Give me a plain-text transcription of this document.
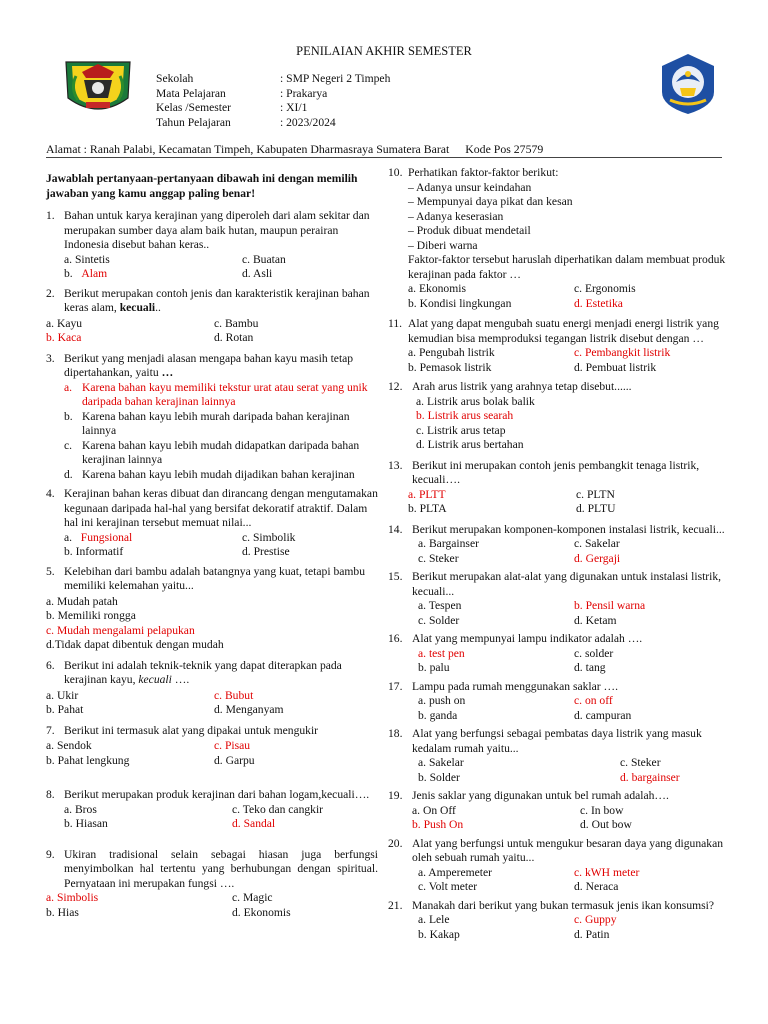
PENILAIAN AKHIR SEMESTER
Sekolah	: SMP Negeri 2 Timpeh
Mata Pelajaran	: Prakarya
Kelas /Semester	: XI/1
Tahun Pelajaran	: 2023/2024
Alamat : Ranah Palabi, Kecamatan Timpeh, Kabupaten Dharmasraya Sumatera Barat Kode Pos 27579
Jawablah pertanyaan-pertanyaan dibawah ini dengan memilih jawaban yang kamu anggap paling benar!
1. Bahan untuk karya kerajinan yang diperoleh dari alam sekitar dan merupakan sumber daya alam baik hutan, maupun perairan Indonesia disebut bahan keras..
a. Sintetis	c. Buatan
b. Alam	d. Asli
2. Berikut merupakan contoh jenis dan karakteristik kerajinan bahan keras alam, kecuali..
a. Kayu	c. Bambu
b. Kaca	d. Rotan
3. Berikut yang menjadi alasan mengapa bahan kayu masih tetap dipertahankan, yaitu …
a. Karena bahan kayu memiliki tekstur urat atau serat yang unik daripada bahan kerajinan lainnya
b. Karena bahan kayu lebih murah daripada bahan kerajinan lainnya
c. Karena bahan kayu lebih mudah didapatkan daripada bahan kerajinan lainnya
d. Karena bahan kayu lebih mudah dijadikan bahan kerajinan
4. Kerajinan bahan keras dibuat dan dirancang dengan mengutamakan kegunaan daripada hal-hal yang bersifat dekoratif atraktif. Dalam hal ini kerajinan tersebut memuat nilai...
a. Fungsional	c. Simbolik
b. Informatif	d. Prestise
5. Kelebihan dari bambu adalah batangnya yang kuat, tetapi bambu memiliki kelemahan yaitu...
a. Mudah patah
b. Memiliki rongga
c. Mudah mengalami pelapukan
d.Tidak dapat dibentuk dengan mudah
6. Berikut ini adalah teknik-teknik yang dapat diterapkan pada kerajinan kayu, kecuali ….
a. Ukir	c. Bubut
b. Pahat	d. Menganyam
7. Berikut ini termasuk alat yang dipakai untuk mengukir
a. Sendok	c. Pisau
b. Pahat lengkung	d. Garpu
8. Berikut merupakan produk kerajinan dari bahan logam,kecuali….
a. Bros	c. Teko dan cangkir
b. Hiasan	d. Sandal
9. Ukiran tradisional selain sebagai hiasan juga berfungsi menyimbolkan hal tertentu yang berhubungan dengan spiritual. Pernyataan ini merupakan fungsi ….
a. Simbolis	c. Magic
b. Hias	d. Ekonomis
10. Perhatikan faktor-faktor berikut:
– Adanya unsur keindahan
– Mempunyai daya pikat dan kesan
– Adanya keserasian
– Produk dibuat mendetail
– Diberi warna
Faktor-faktor tersebut haruslah diperhatikan dalam membuat produk kerajinan pada faktor …
a. Ekonomis	c. Ergonomis
b. Kondisi lingkungan	d. Estetika
11. Alat yang dapat mengubah suatu energi menjadi energi listrik yang kemudian bisa memproduksi tegangan listrik disebut dengan …
a. Pengubah listrik	c. Pembangkit listrik
b. Pemasok listrik	d. Pembuat listrik
12. Arah arus listrik yang arahnya tetap disebut......
a. Listrik arus bolak balik
b. Listrik arus searah
c. Listrik arus tetap
d. Listrik arus bertahan
13. Berikut ini merupakan contoh jenis pembangkit tenaga listrik, kecuali….
a. PLTT	c. PLTN
b. PLTA	d. PLTU
14. Berikut merupakan komponen-komponen instalasi listrik, kecuali...
a. Bargainser	c. Sakelar
c. Steker	d. Gergaji
15. Berikut merupakan alat-alat yang digunakan untuk instalasi listrik, kecuali...
a. Tespen	b. Pensil warna
c. Solder	d. Ketam
16. Alat yang mempunyai lampu indikator adalah ….
a. test pen	c. solder
b. palu	d. tang
17. Lampu pada rumah menggunakan saklar ….
a. push on	c. on off
b. ganda	d. campuran
18. Alat yang berfungsi sebagai pembatas daya listrik yang masuk kedalam rumah yaitu...
a. Sakelar	c. Steker
b. Solder	d. bargainser
19. Jenis saklar yang digunakan untuk bel rumah adalah….
a. On Off	c. In bow
b. Push On	d. Out bow
20. Alat yang berfungsi untuk mengukur besaran daya yang digunakan oleh sebuah rumah yaitu...
a. Amperemeter	c. kWH meter
c. Volt meter	d. Neraca
21. Manakah dari berikut yang bukan termasuk jenis ikan konsumsi?
a. Lele	c. Guppy
b. Kakap	d. Patin
